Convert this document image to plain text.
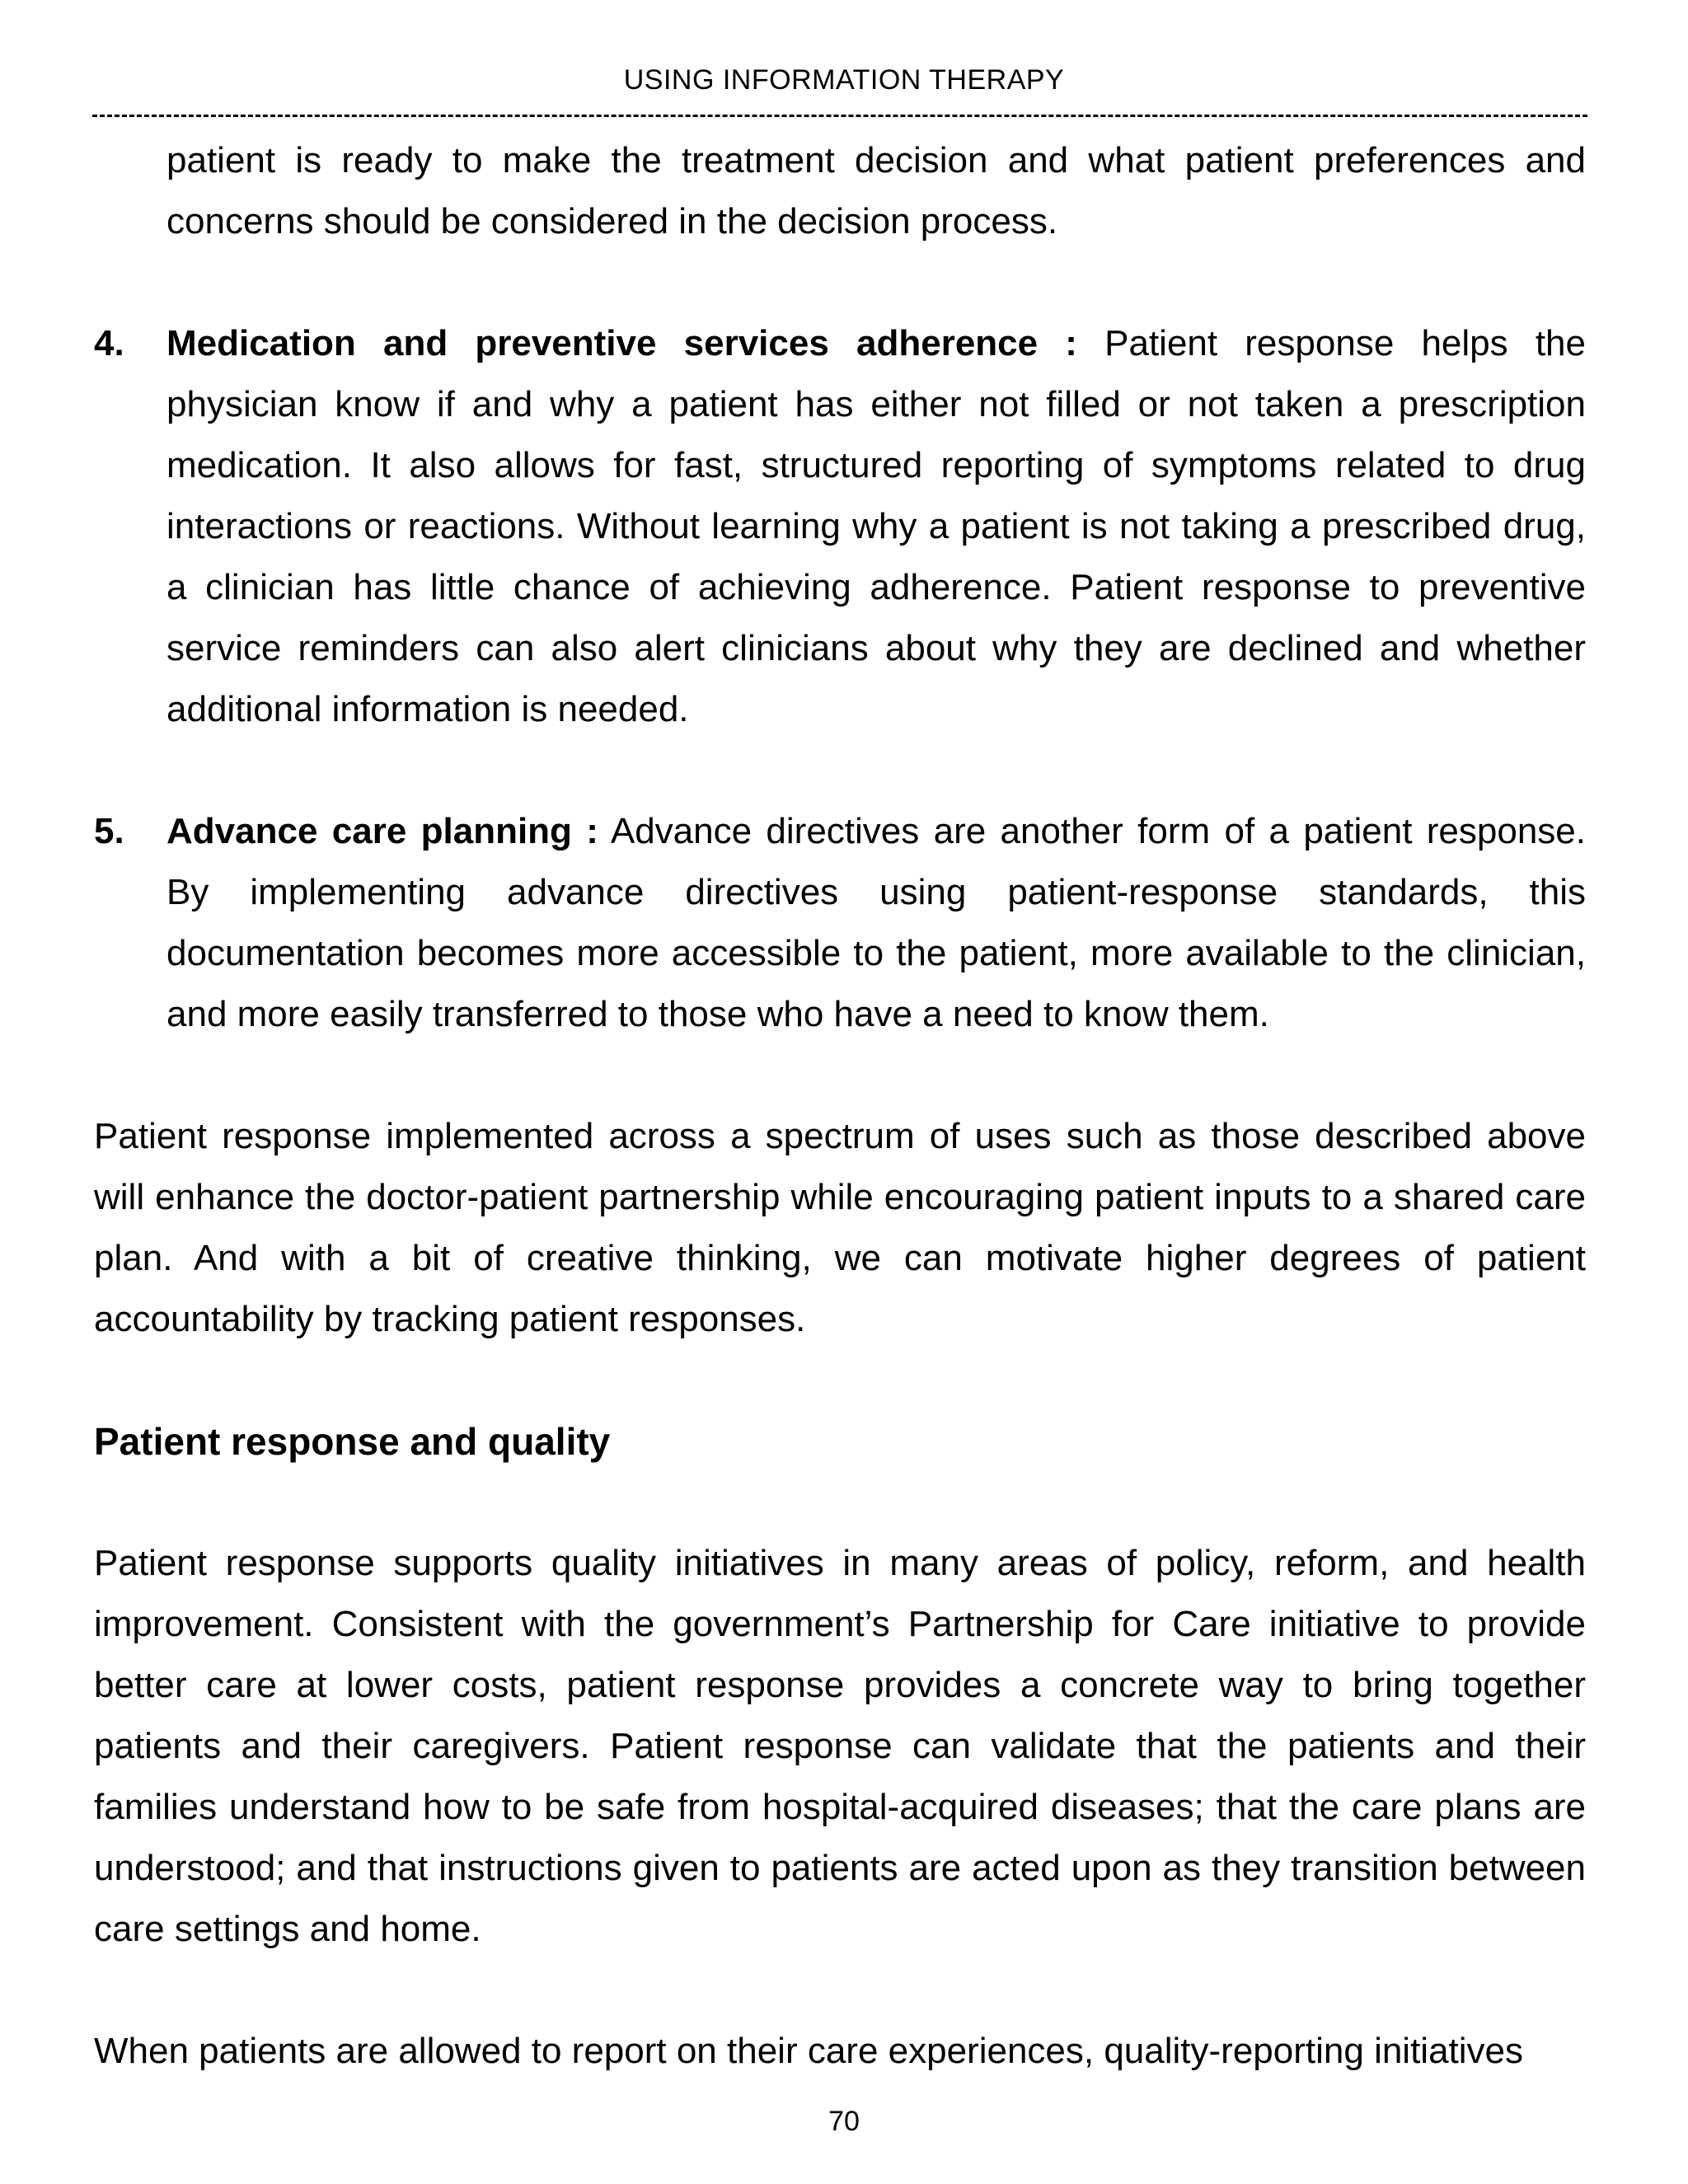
USING INFORMATION THERAPY

patient is ready to make the treatment decision and what patient preferences and concerns should be considered in the decision process.

4. Medication and preventive services adherence : Patient response helps the physician know if and why a patient has either not filled or not taken a prescription medication. It also allows for fast, structured reporting of symptoms related to drug interactions or reactions. Without learning why a patient is not taking a prescribed drug, a clinician has little chance of achieving adherence. Patient response to preventive service reminders can also alert clinicians about why they are declined and whether additional information is needed.

5. Advance care planning : Advance directives are another form of a patient response. By implementing advance directives using patient-response standards, this documentation becomes more accessible to the patient, more available to the clinician, and more easily transferred to those who have a need to know them.

Patient response implemented across a spectrum of uses such as those described above will enhance the doctor-patient partnership while encouraging patient inputs to a shared care plan. And with a bit of creative thinking, we can motivate higher degrees of patient accountability by tracking patient responses.

Patient response and quality

Patient response supports quality initiatives in many areas of policy, reform, and health improvement. Consistent with the government’s Partnership for Care initiative to provide better care at lower costs, patient response provides a concrete way to bring together patients and their caregivers. Patient response can validate that the patients and their families understand how to be safe from hospital-acquired diseases; that the care plans are understood; and that instructions given to patients are acted upon as they transition between care settings and home.

When patients are allowed to report on their care experiences, quality-reporting initiatives

70
